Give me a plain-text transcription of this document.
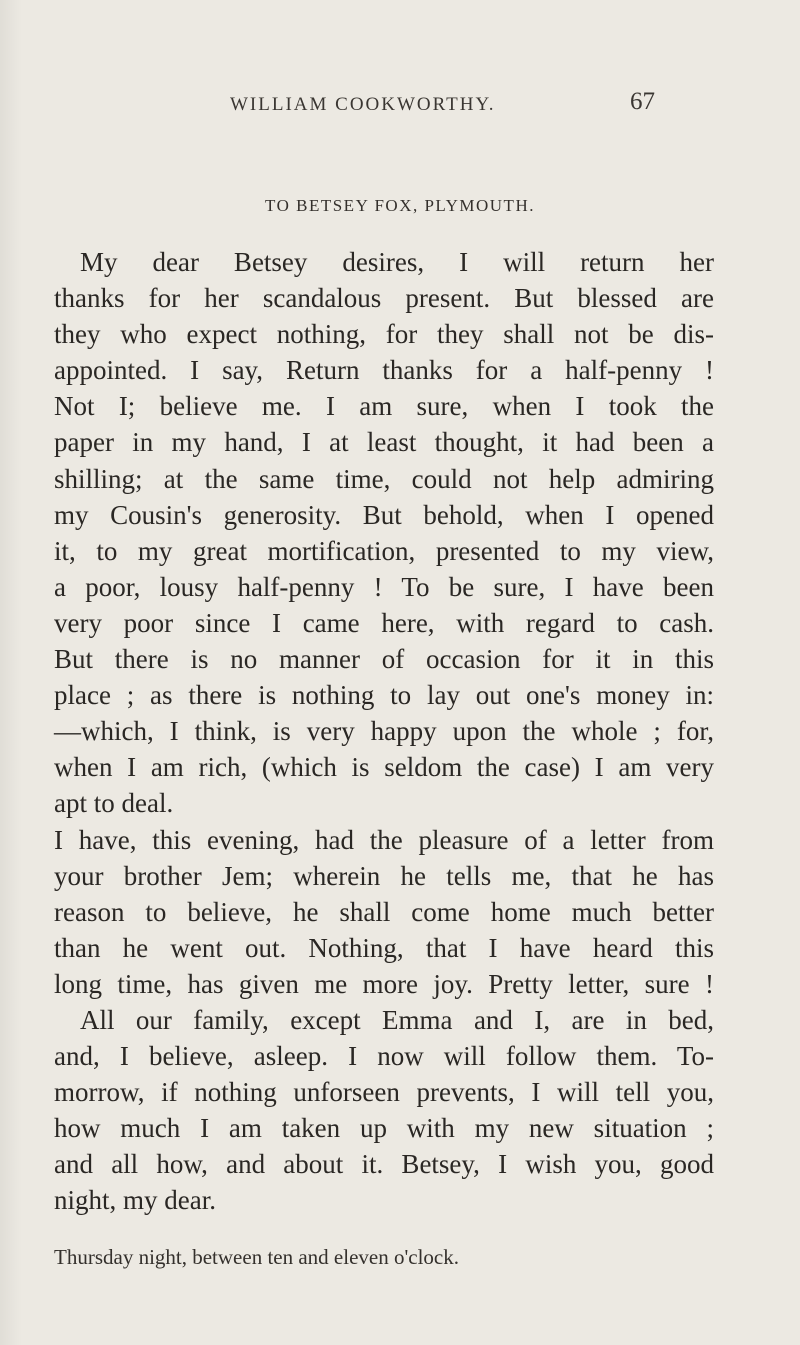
WILLIAM COOKWORTHY.	67
TO BETSEY FOX, PLYMOUTH.
My dear Betsey desires, I will return her
thanks for her scandalous present. But blessed are
they who expect nothing, for they shall not be dis-
appointed. I say, Return thanks for a half-penny !
Not I; believe me. I am sure, when I took the
paper in my hand, I at least thought, it had been a
shilling; at the same time, could not help admiring
my Cousin's generosity. But behold, when I opened
it, to my great mortification, presented to my view,
a poor, lousy half-penny ! To be sure, I have been
very poor since I came here, with regard to cash.
But there is no manner of occasion for it in this
place ; as there is nothing to lay out one's money in:
—which, I think, is very happy upon the whole ; for,
when I am rich, (which is seldom the case) I am very
apt to deal.
I have, this evening, had the pleasure of a letter from
your brother Jem; wherein he tells me, that he has
reason to believe, he shall come home much better
than he went out. Nothing, that I have heard this
long time, has given me more joy. Pretty letter, sure !
All our family, except Emma and I, are in bed,
and, I believe, asleep. I now will follow them. To-
morrow, if nothing unforseen prevents, I will tell you,
how much I am taken up with my new situation ;
and all how, and about it. Betsey, I wish you, good
night, my dear.
Thursday night, between ten and eleven o'clock.
